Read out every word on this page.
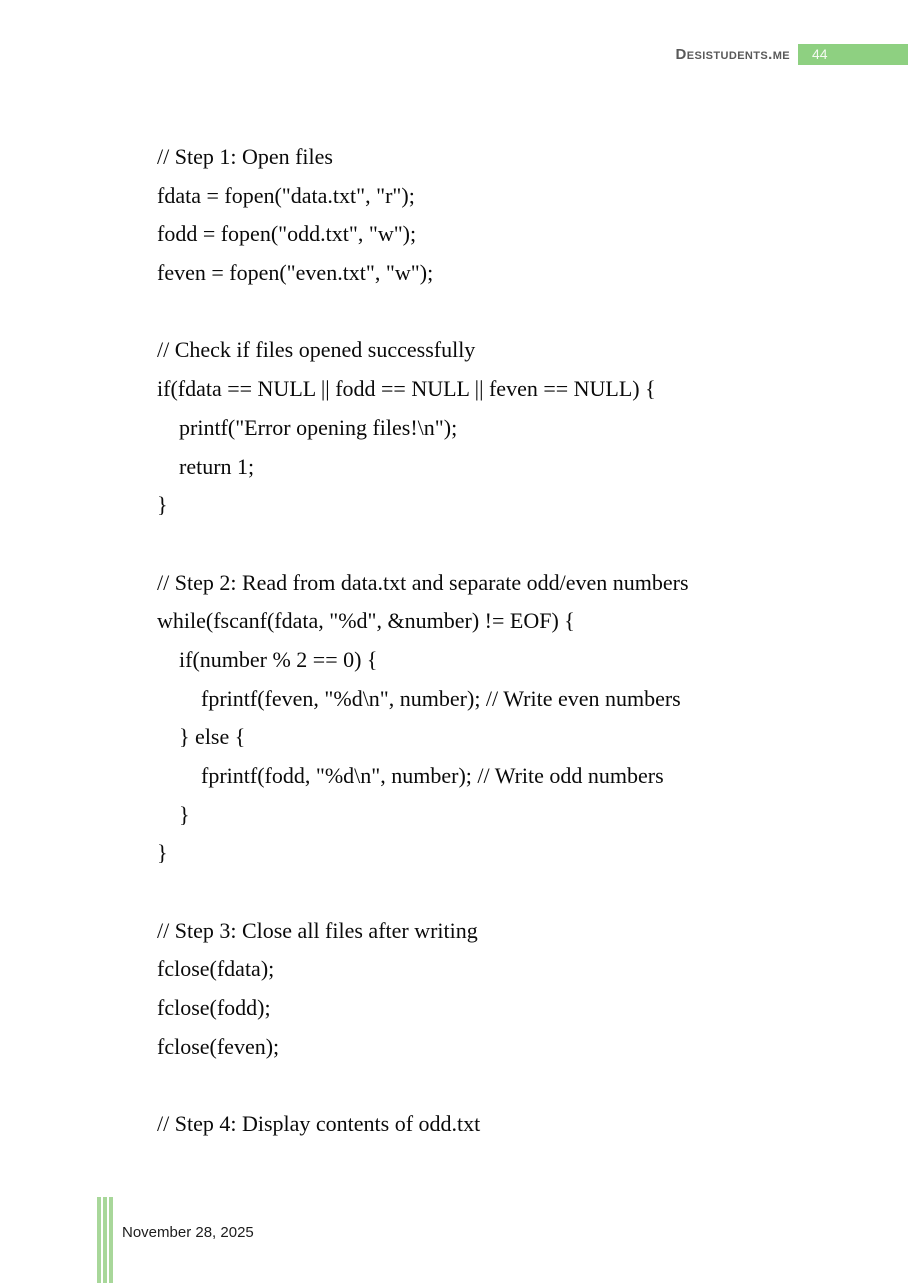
Desistudents.me	44
// Step 1: Open files
fdata = fopen("data.txt", "r");
fodd = fopen("odd.txt", "w");
feven = fopen("even.txt", "w");
// Check if files opened successfully
if(fdata == NULL || fodd == NULL || feven == NULL) {
printf("Error opening files!\n");
return 1;
}
// Step 2: Read from data.txt and separate odd/even numbers
while(fscanf(fdata, "%d", &number) != EOF) {
if(number % 2 == 0) {
fprintf(feven, "%d\n", number); // Write even numbers
} else {
fprintf(fodd, "%d\n", number); // Write odd numbers
}
}
// Step 3: Close all files after writing
fclose(fdata);
fclose(fodd);
fclose(feven);
// Step 4: Display contents of odd.txt
November 28, 2025
